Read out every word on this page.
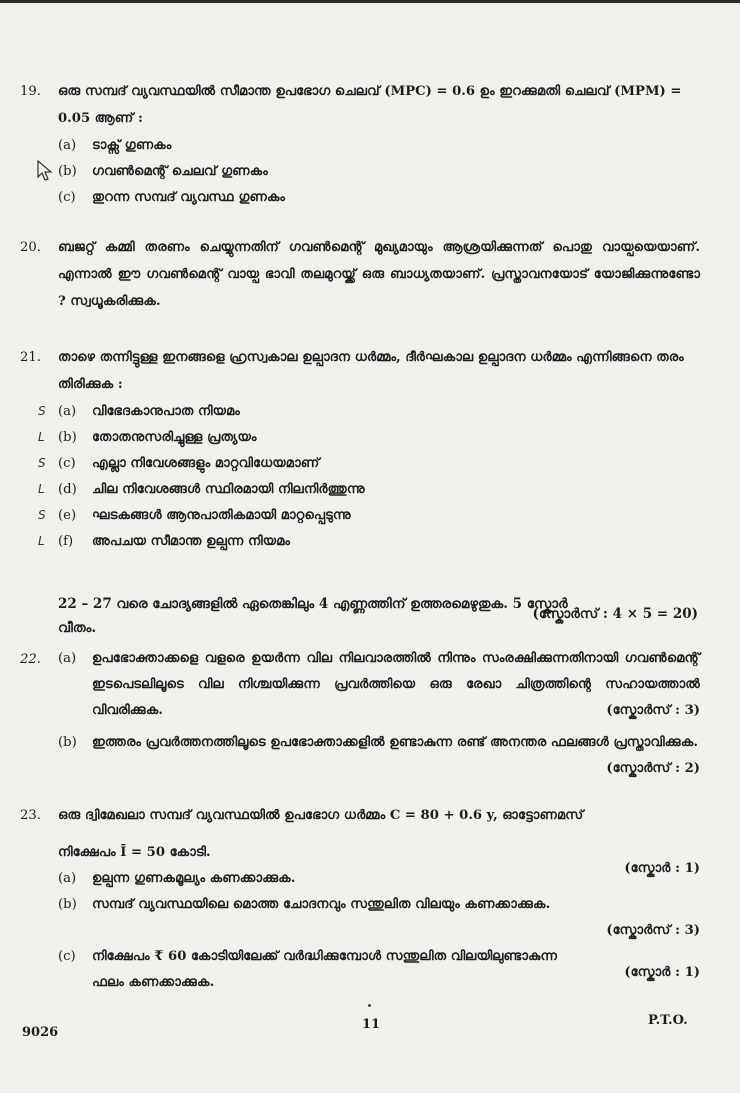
19.	ഒരു സമ്പദ് വ്യവസ്ഥയിൽ സീമാന്ത ഉപഭോഗ ചെലവ് (MPC) = 0.6 ഉം ഇറക്കുമതി ചെലവ് (MPM) = 0.05 ആണ് :
(a)	ടാക്സ് ഗുണകം
(b)	ഗവൺമെന്റ് ചെലവ് ഗുണകം
(c)	തുറന്ന സമ്പദ് വ്യവസ്ഥ ഗുണകം
20.	ബജറ്റ് കമ്മി തരണം ചെയ്യുന്നതിന് ഗവൺമെന്റ് മുഖ്യമായും ആശ്രയിക്കുന്നത് പൊതു വായ്പയെയാണ്. എന്നാൽ ഈ ഗവൺമെന്റ് വായ്പ ഭാവി തലമുറയ്ക്ക് ഒരു ബാധ്യതയാണ്. പ്രസ്താവനയോട് യോജിക്കുന്നുണ്ടോ ? സ്വധൂകരിക്കുക.
21.	താഴെ തന്നിട്ടുള്ള ഇനങ്ങളെ ഹ്രസ്വകാല ഉല്പാദന ധർമ്മം, ദീർഘകാല ഉല്പാദന ധർമ്മം എന്നിങ്ങനെ തരം തിരിക്കുക :
S (a)	വിഭേദകാനുപാത നിയമം
L (b)	തോതനുസരിച്ചുള്ള പ്രത്യയം
S (c)	എല്ലാ നിവേശങ്ങളും മാറ്റവിധേയമാണ്
L (d)	ചില നിവേശങ്ങൾ സ്ഥിരമായി നിലനിർത്തുന്നു
S (e)	ഘടകങ്ങൾ ആനുപാതികമായി മാറ്റപ്പെടുന്നു
L (f)	അപചയ സീമാന്ത ഉല്പന്ന നിയമം
22 – 27 വരെ ചോദ്യങ്ങളിൽ ഏതെങ്കിലും 4 എണ്ണത്തിന് ഉത്തരമെഴുതുക. 5 സ്കോർ
വീതം.
(സ്കോർസ് : 4 × 5 = 20)
22.	(a) ഉപഭോക്താക്കളെ വളരെ ഉയർന്ന വില നിലവാരത്തിൽ നിന്നും സംരക്ഷിക്കുന്നതിനായി ഗവൺമെന്റ് ഇടപെടലിലൂടെ വില നിശ്ചയിക്കുന്ന പ്രവർത്തിയെ ഒരു രേഖാ ചിത്രത്തിന്റെ സഹായത്താൽ വിവരിക്കുക.	(സ്കോർസ് : 3)
(b) ഇത്തരം പ്രവർത്തനത്തിലൂടെ ഉപഭോക്താക്കളിൽ ഉണ്ടാകുന്ന രണ്ട് അനന്തര ഫലങ്ങൾ പ്രസ്താവിക്കുക.
(സ്കോർസ് : 2)
23.	ഒരു ദ്വിമേഖലാ സമ്പദ് വ്യവസ്ഥയിൽ ഉപഭോഗ ധർമ്മം C = 80 + 0.6 y, ഓട്ടോണമസ്
നിക്ഷേപം Ī = 50 കോടി.
(a) ഉല്പന്ന ഗുണകമൂല്യം കണക്കാക്കുക.
(സ്കോർ : 1)
(b) സമ്പദ് വ്യവസ്ഥയിലെ മൊത്ത ചോദനവും സന്തുലിത വിലയും കണക്കാക്കുക.
(സ്കോർസ് : 3)
(c) നിക്ഷേപം ₹ 60 കോടിയിലേക്ക് വർദ്ധിക്കുമ്പോൾ സന്തുലിത വിലയിലുണ്ടാകുന്ന
ഫലം കണക്കാക്കുക.
(സ്കോർ : 1)
9026
11	P.T.O.
